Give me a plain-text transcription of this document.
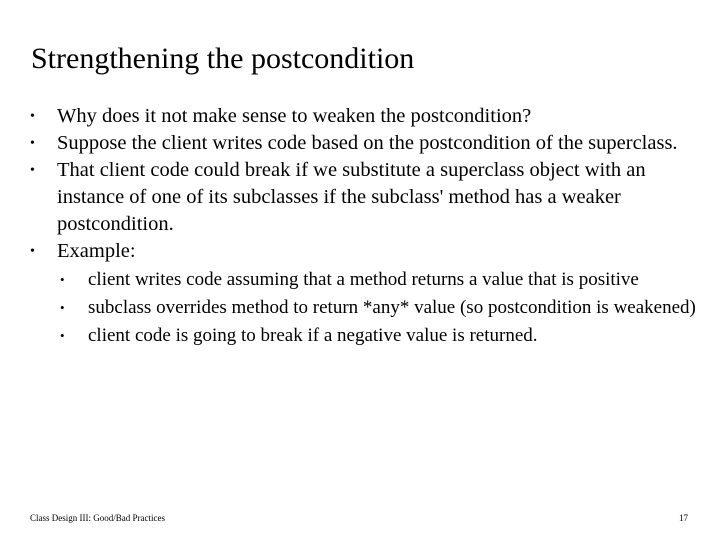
Strengthening the postcondition
• Why does it not make sense to weaken the postcondition?
• Suppose the client writes code based on the postcondition of the superclass.
• That client code could break if we substitute a superclass object with an instance of one of its subclasses if the subclass' method has a weaker postcondition.
• Example:
• client writes code assuming that a method returns a value that is positive
• subclass overrides method to return *any* value (so postcondition is weakened)
• client code is going to break if a negative value is returned.
Class Design III: Good/Bad Practices	17
